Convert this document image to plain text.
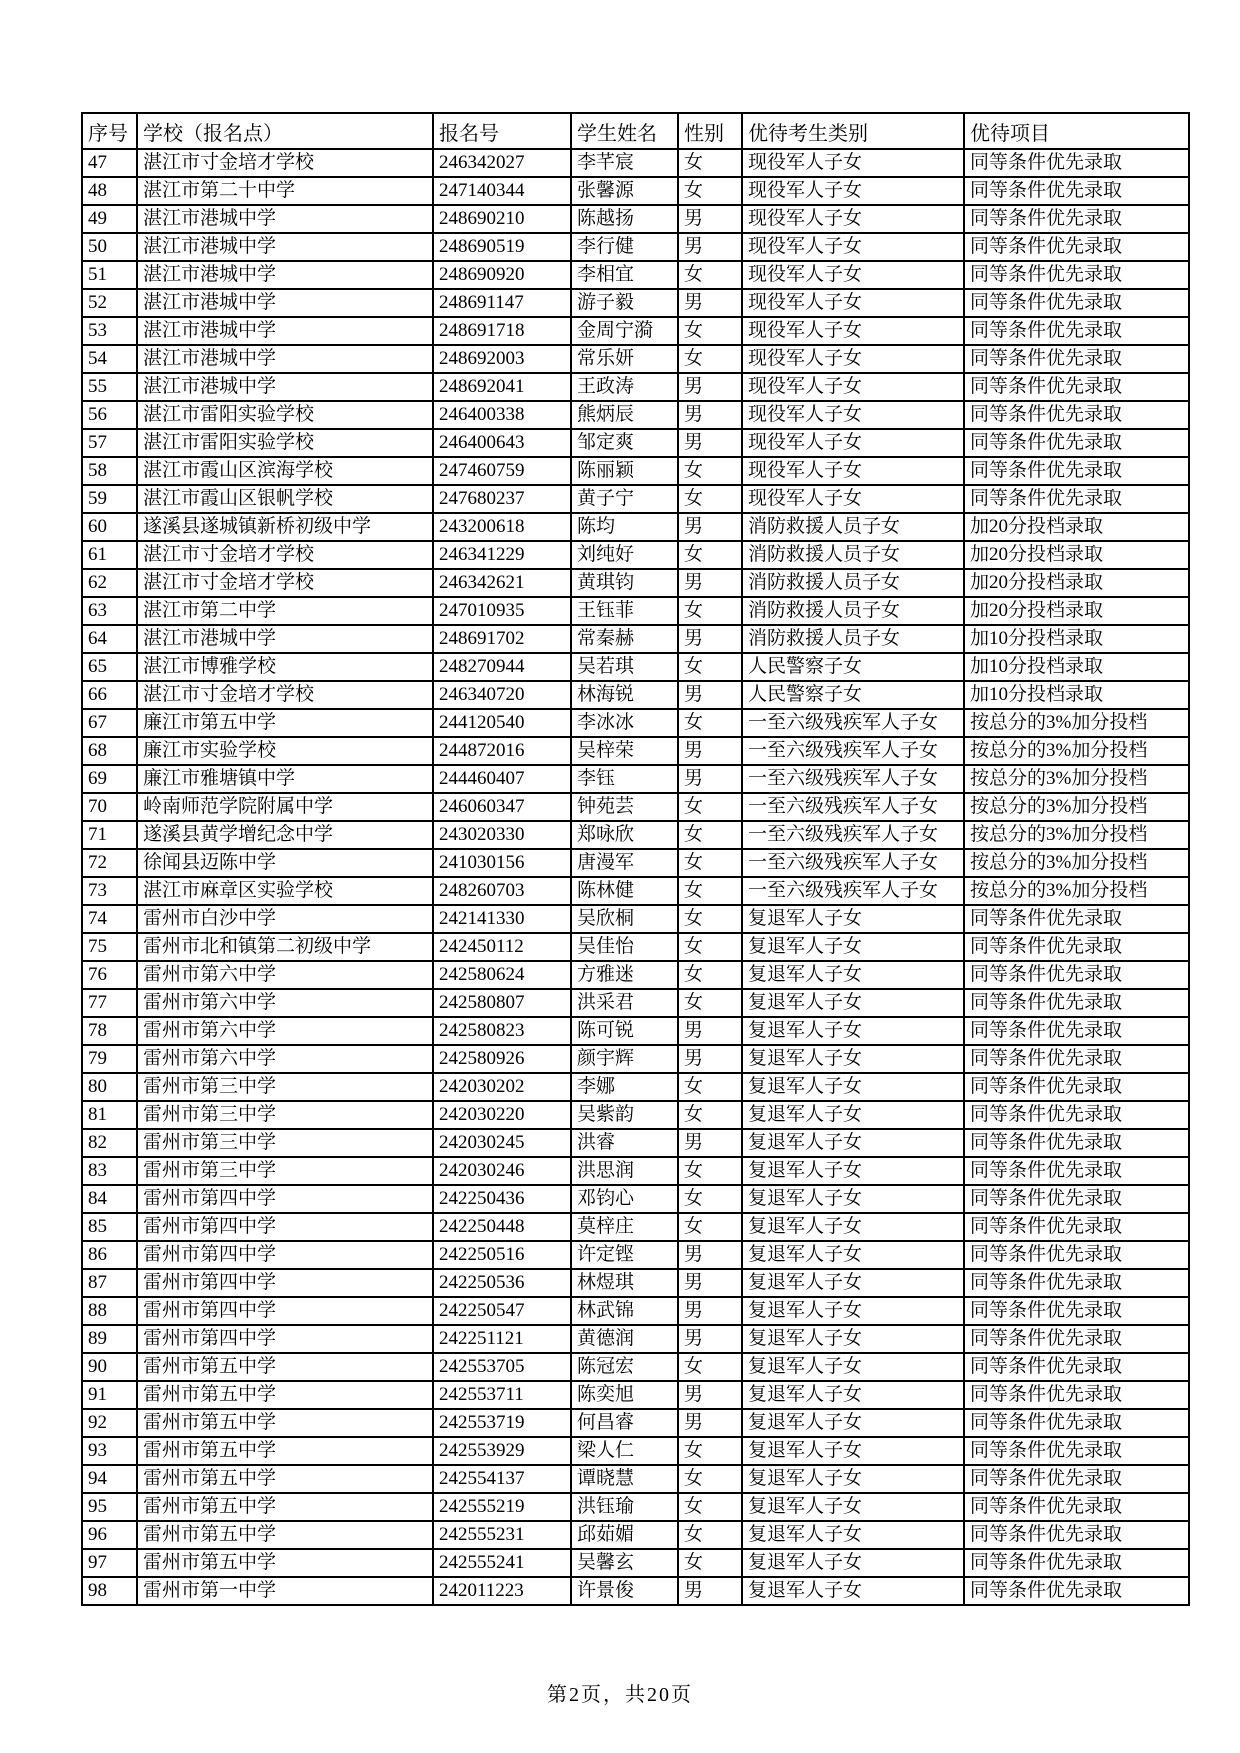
序号	学校（报名点）	报名号	学生姓名	性别	优待考生类别	优待项目
47	湛江市寸金培才学校	246342027	李芊宸	女	现役军人子女	同等条件优先录取
48	湛江市第二十中学	247140344	张馨源	女	现役军人子女	同等条件优先录取
49	湛江市港城中学	248690210	陈越扬	男	现役军人子女	同等条件优先录取
50	湛江市港城中学	248690519	李行健	男	现役军人子女	同等条件优先录取
51	湛江市港城中学	248690920	李相宜	女	现役军人子女	同等条件优先录取
52	湛江市港城中学	248691147	游子毅	男	现役军人子女	同等条件优先录取
53	湛江市港城中学	248691718	金周宁漪	女	现役军人子女	同等条件优先录取
54	湛江市港城中学	248692003	常乐妍	女	现役军人子女	同等条件优先录取
55	湛江市港城中学	248692041	王政涛	男	现役军人子女	同等条件优先录取
56	湛江市雷阳实验学校	246400338	熊炳辰	男	现役军人子女	同等条件优先录取
57	湛江市雷阳实验学校	246400643	邹定爽	男	现役军人子女	同等条件优先录取
58	湛江市霞山区滨海学校	247460759	陈丽颖	女	现役军人子女	同等条件优先录取
59	湛江市霞山区银帆学校	247680237	黄子宁	女	现役军人子女	同等条件优先录取
60	遂溪县遂城镇新桥初级中学	243200618	陈均	男	消防救援人员子女	加20分投档录取
61	湛江市寸金培才学校	246341229	刘纯好	女	消防救援人员子女	加20分投档录取
62	湛江市寸金培才学校	246342621	黄琪钧	男	消防救援人员子女	加20分投档录取
63	湛江市第二中学	247010935	王钰菲	女	消防救援人员子女	加20分投档录取
64	湛江市港城中学	248691702	常秦赫	男	消防救援人员子女	加10分投档录取
65	湛江市博雅学校	248270944	吴若琪	女	人民警察子女	加10分投档录取
66	湛江市寸金培才学校	246340720	林海锐	男	人民警察子女	加10分投档录取
67	廉江市第五中学	244120540	李冰冰	女	一至六级残疾军人子女	按总分的3%加分投档
68	廉江市实验学校	244872016	吴梓荣	男	一至六级残疾军人子女	按总分的3%加分投档
69	廉江市雅塘镇中学	244460407	李钰	男	一至六级残疾军人子女	按总分的3%加分投档
70	岭南师范学院附属中学	246060347	钟苑芸	女	一至六级残疾军人子女	按总分的3%加分投档
71	遂溪县黄学增纪念中学	243020330	郑咏欣	女	一至六级残疾军人子女	按总分的3%加分投档
72	徐闻县迈陈中学	241030156	唐漫军	女	一至六级残疾军人子女	按总分的3%加分投档
73	湛江市麻章区实验学校	248260703	陈林健	女	一至六级残疾军人子女	按总分的3%加分投档
74	雷州市白沙中学	242141330	吴欣桐	女	复退军人子女	同等条件优先录取
75	雷州市北和镇第二初级中学	242450112	吴佳怡	女	复退军人子女	同等条件优先录取
76	雷州市第六中学	242580624	方雅迷	女	复退军人子女	同等条件优先录取
77	雷州市第六中学	242580807	洪采君	女	复退军人子女	同等条件优先录取
78	雷州市第六中学	242580823	陈可锐	男	复退军人子女	同等条件优先录取
79	雷州市第六中学	242580926	颜宇辉	男	复退军人子女	同等条件优先录取
80	雷州市第三中学	242030202	李娜	女	复退军人子女	同等条件优先录取
81	雷州市第三中学	242030220	吴紫韵	女	复退军人子女	同等条件优先录取
82	雷州市第三中学	242030245	洪睿	男	复退军人子女	同等条件优先录取
83	雷州市第三中学	242030246	洪思润	女	复退军人子女	同等条件优先录取
84	雷州市第四中学	242250436	邓钧心	女	复退军人子女	同等条件优先录取
85	雷州市第四中学	242250448	莫梓庄	女	复退军人子女	同等条件优先录取
86	雷州市第四中学	242250516	许定铿	男	复退军人子女	同等条件优先录取
87	雷州市第四中学	242250536	林煜琪	男	复退军人子女	同等条件优先录取
88	雷州市第四中学	242250547	林武锦	男	复退军人子女	同等条件优先录取
89	雷州市第四中学	242251121	黄德润	男	复退军人子女	同等条件优先录取
90	雷州市第五中学	242553705	陈冠宏	女	复退军人子女	同等条件优先录取
91	雷州市第五中学	242553711	陈奕旭	男	复退军人子女	同等条件优先录取
92	雷州市第五中学	242553719	何昌睿	男	复退军人子女	同等条件优先录取
93	雷州市第五中学	242553929	梁人仁	女	复退军人子女	同等条件优先录取
94	雷州市第五中学	242554137	谭晓慧	女	复退军人子女	同等条件优先录取
95	雷州市第五中学	242555219	洪钰瑜	女	复退军人子女	同等条件优先录取
96	雷州市第五中学	242555231	邱茹媚	女	复退军人子女	同等条件优先录取
97	雷州市第五中学	242555241	吴馨玄	女	复退军人子女	同等条件优先录取
98	雷州市第一中学	242011223	许景俊	男	复退军人子女	同等条件优先录取
第2页，共20页
